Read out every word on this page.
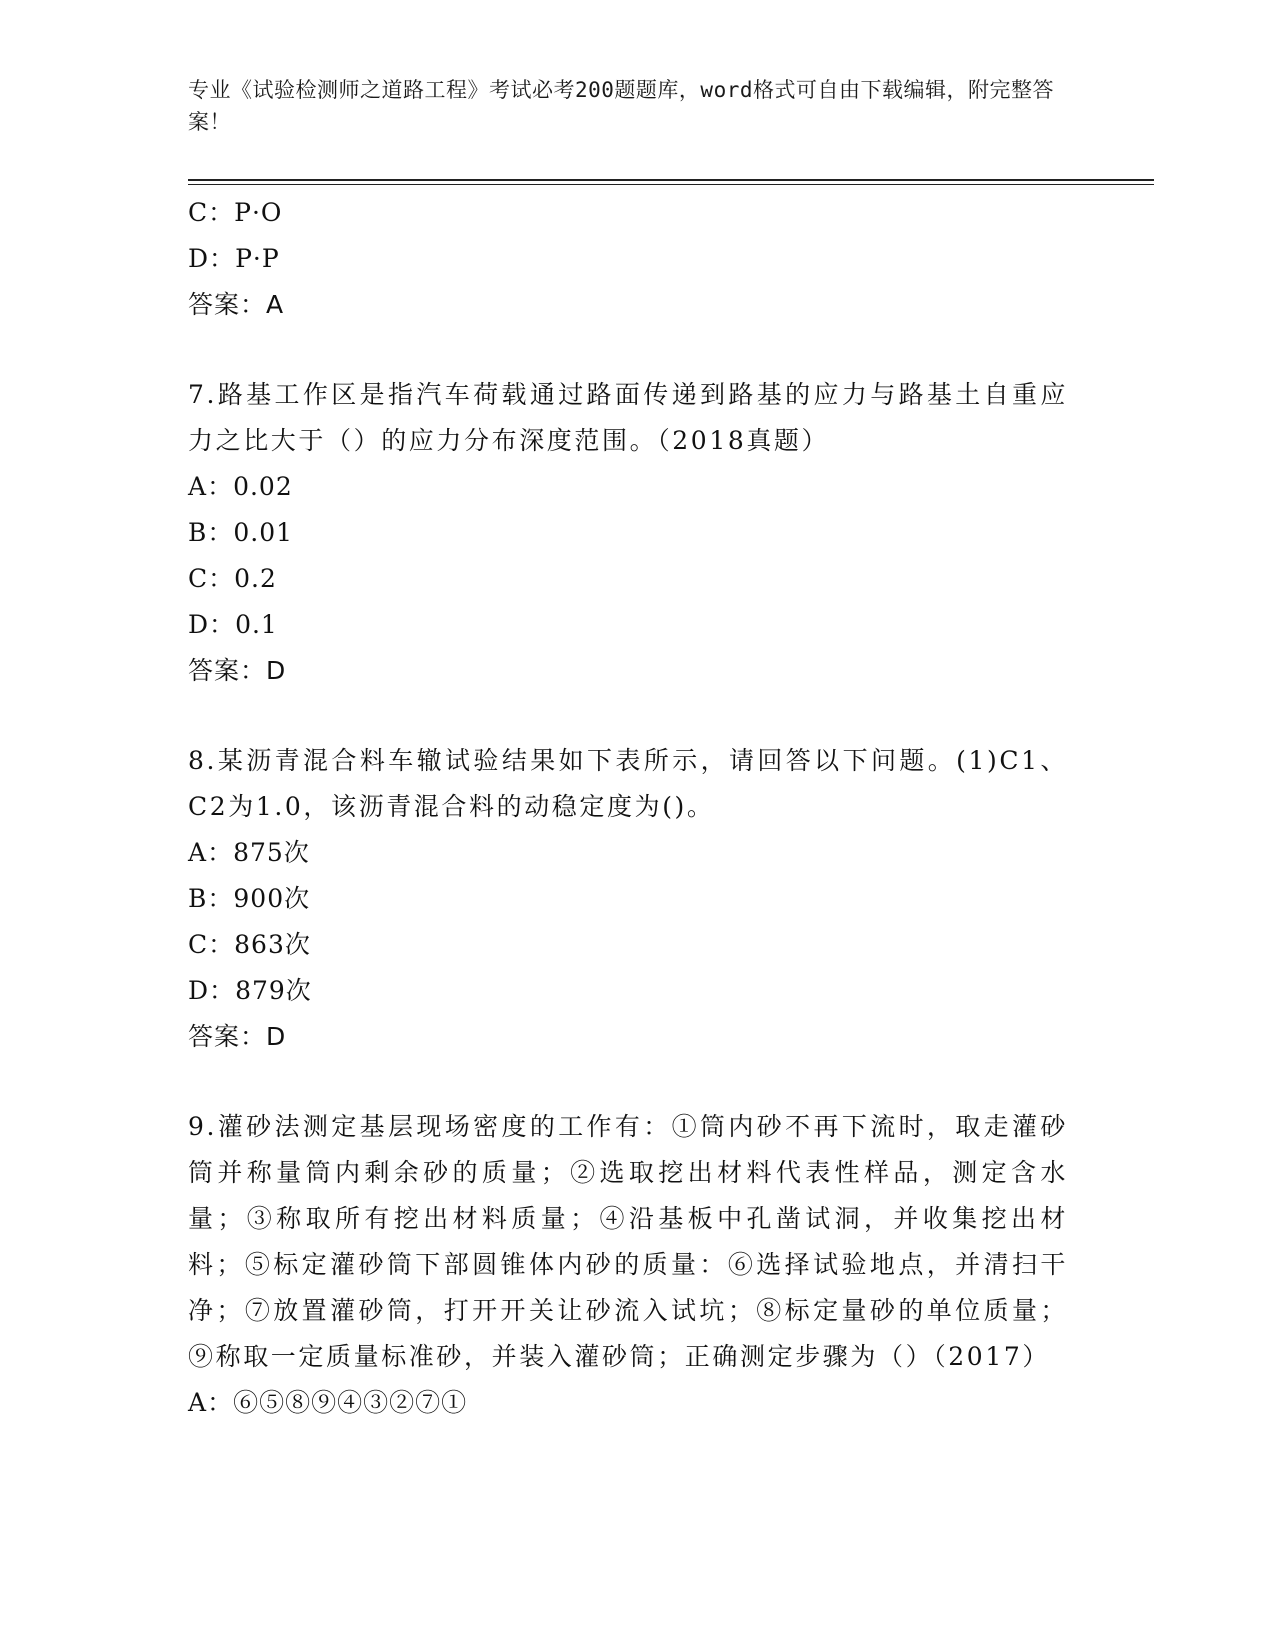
专业《试验检测师之道路工程》考试必考200题题库，word格式可自由下载编辑，附完整答案！
C：P·O
D：P·P
答案：A
7.路基工作区是指汽车荷载通过路面传递到路基的应力与路基土自重应力之比大于（）的应力分布深度范围。（2018真题）
A：0.02
B：0.01
C：0.2
D：0.1
答案：D
8.某沥青混合料车辙试验结果如下表所示，请回答以下问题。(1)C1、C2为1.0，该沥青混合料的动稳定度为()。
A：875次
B：900次
C：863次
D：879次
答案：D
9.灌砂法测定基层现场密度的工作有：①筒内砂不再下流时，取走灌砂筒并称量筒内剩余砂的质量；②选取挖出材料代表性样品，测定含水量；③称取所有挖出材料质量；④沿基板中孔凿试洞，并收集挖出材料；⑤标定灌砂筒下部圆锥体内砂的质量：⑥选择试验地点，并清扫干净；⑦放置灌砂筒，打开开关让砂流入试坑；⑧标定量砂的单位质量；⑨称取一定质量标准砂，并装入灌砂筒；正确测定步骤为（）（2017）
A：⑥⑤⑧⑨④③②⑦①
